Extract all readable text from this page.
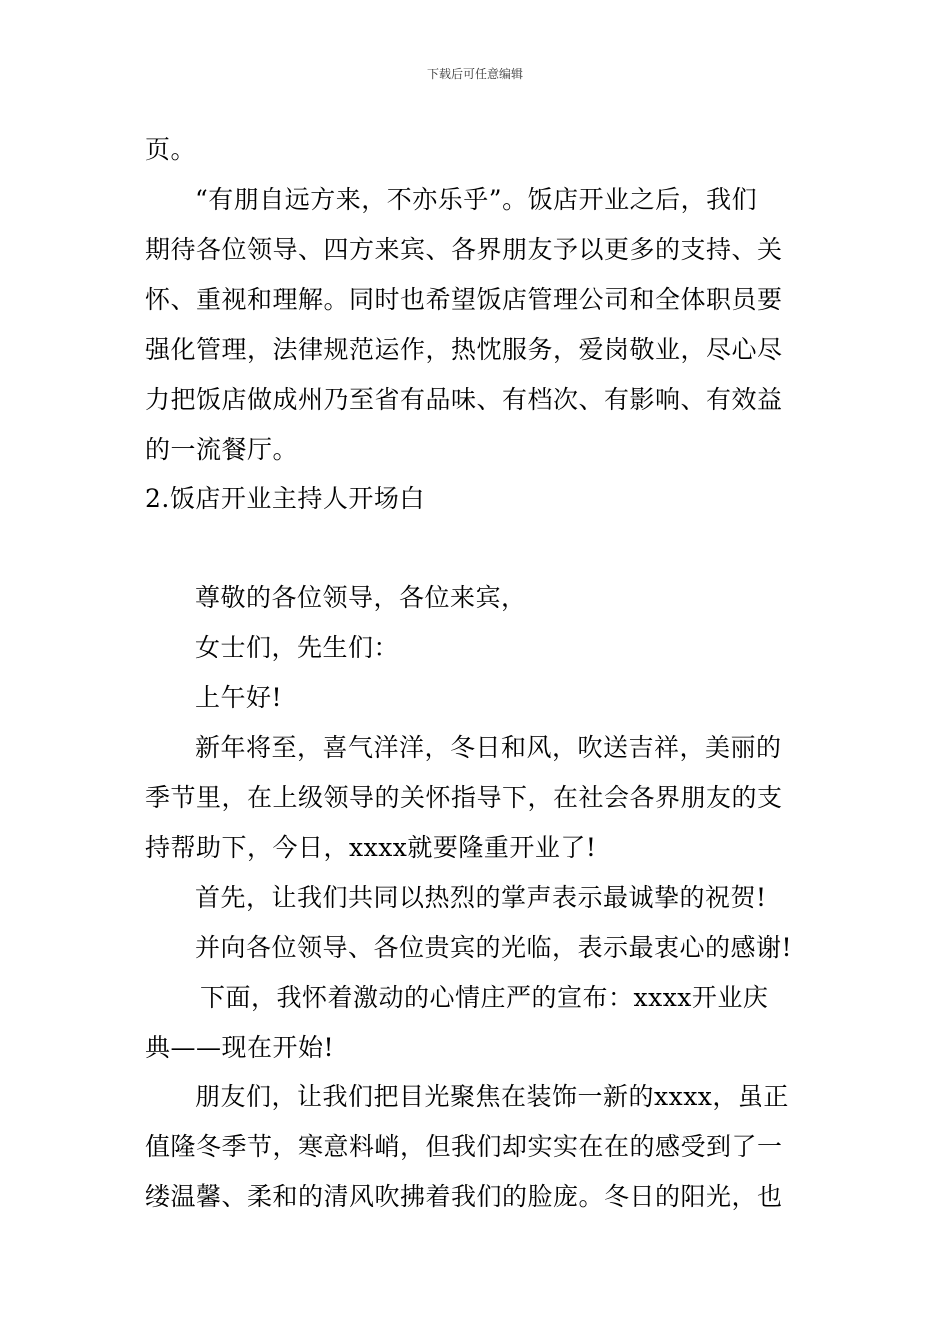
下载后可任意编辑
页。
“有朋自远方来，不亦乐乎”。饭店开业之后，我们
期待各位领导、四方来宾、各界朋友予以更多的支持、关
怀、重视和理解。同时也希望饭店管理公司和全体职员要
强化管理，法律规范运作，热忱服务，爱岗敬业，尽心尽
力把饭店做成州乃至省有品味、有档次、有影响、有效益
的一流餐厅。
2.饭店开业主持人开场白
尊敬的各位领导，各位来宾，
女士们，先生们：
上午好!
新年将至，喜气洋洋，冬日和风，吹送吉祥，美丽的
季节里，在上级领导的关怀指导下，在社会各界朋友的支
持帮助下，今日，xxxx就要隆重开业了!
首先，让我们共同以热烈的掌声表示最诚挚的祝贺!
并向各位领导、各位贵宾的光临，表示最衷心的感谢!
下面，我怀着激动的心情庄严的宣布：xxxx开业庆
典——现在开始!
朋友们，让我们把目光聚焦在装饰一新的xxxx，虽正
值隆冬季节，寒意料峭，但我们却实实在在的感受到了一
缕温馨、柔和的清风吹拂着我们的脸庞。冬日的阳光，也
